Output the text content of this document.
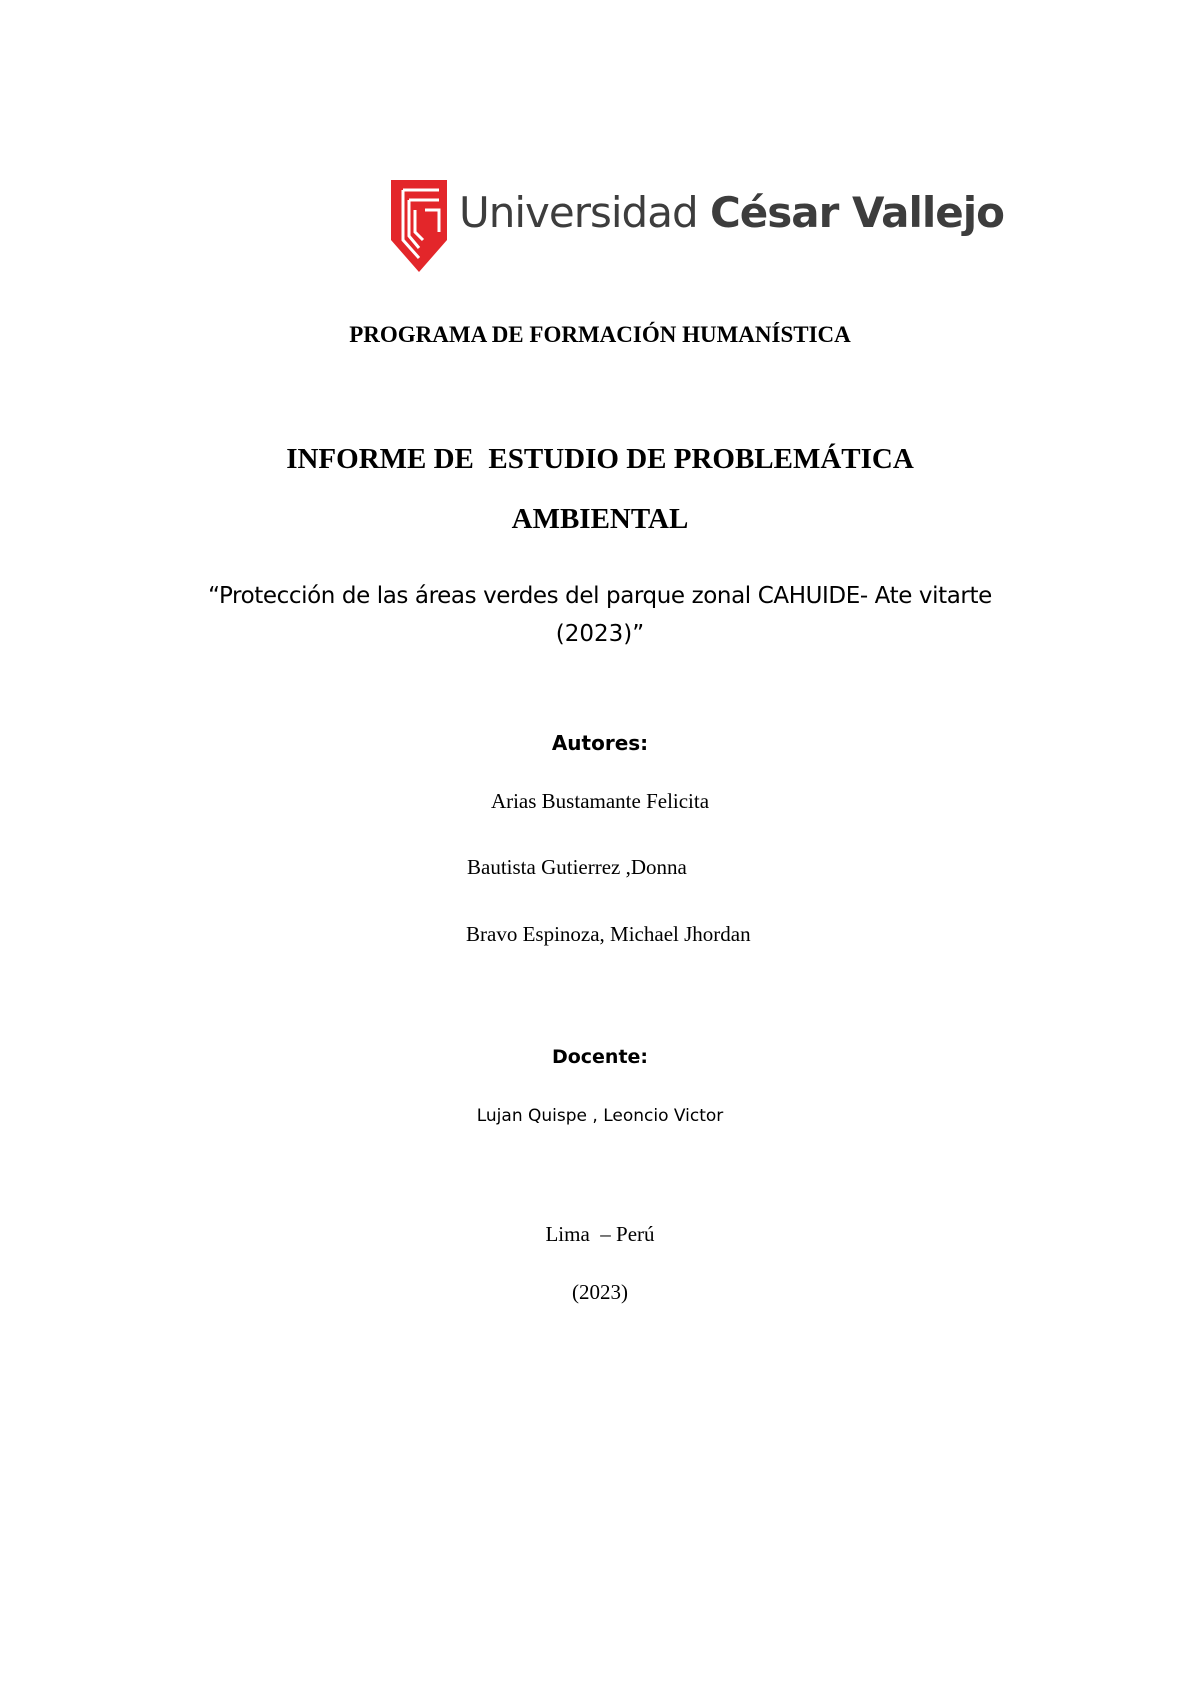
Universidad César Vallejo
PROGRAMA DE FORMACIÓN HUMANÍSTICA
INFORME DE  ESTUDIO DE PROBLEMÁTICA
AMBIENTAL
“Protección de las áreas verdes del parque zonal CAHUIDE- Ate vitarte
(2023)”
Autores:
Arias Bustamante Felicita
Bautista Gutierrez ,Donna
Bravo Espinoza, Michael Jhordan
Docente:
Lujan Quispe , Leoncio Victor
Lima  – Perú
(2023)
